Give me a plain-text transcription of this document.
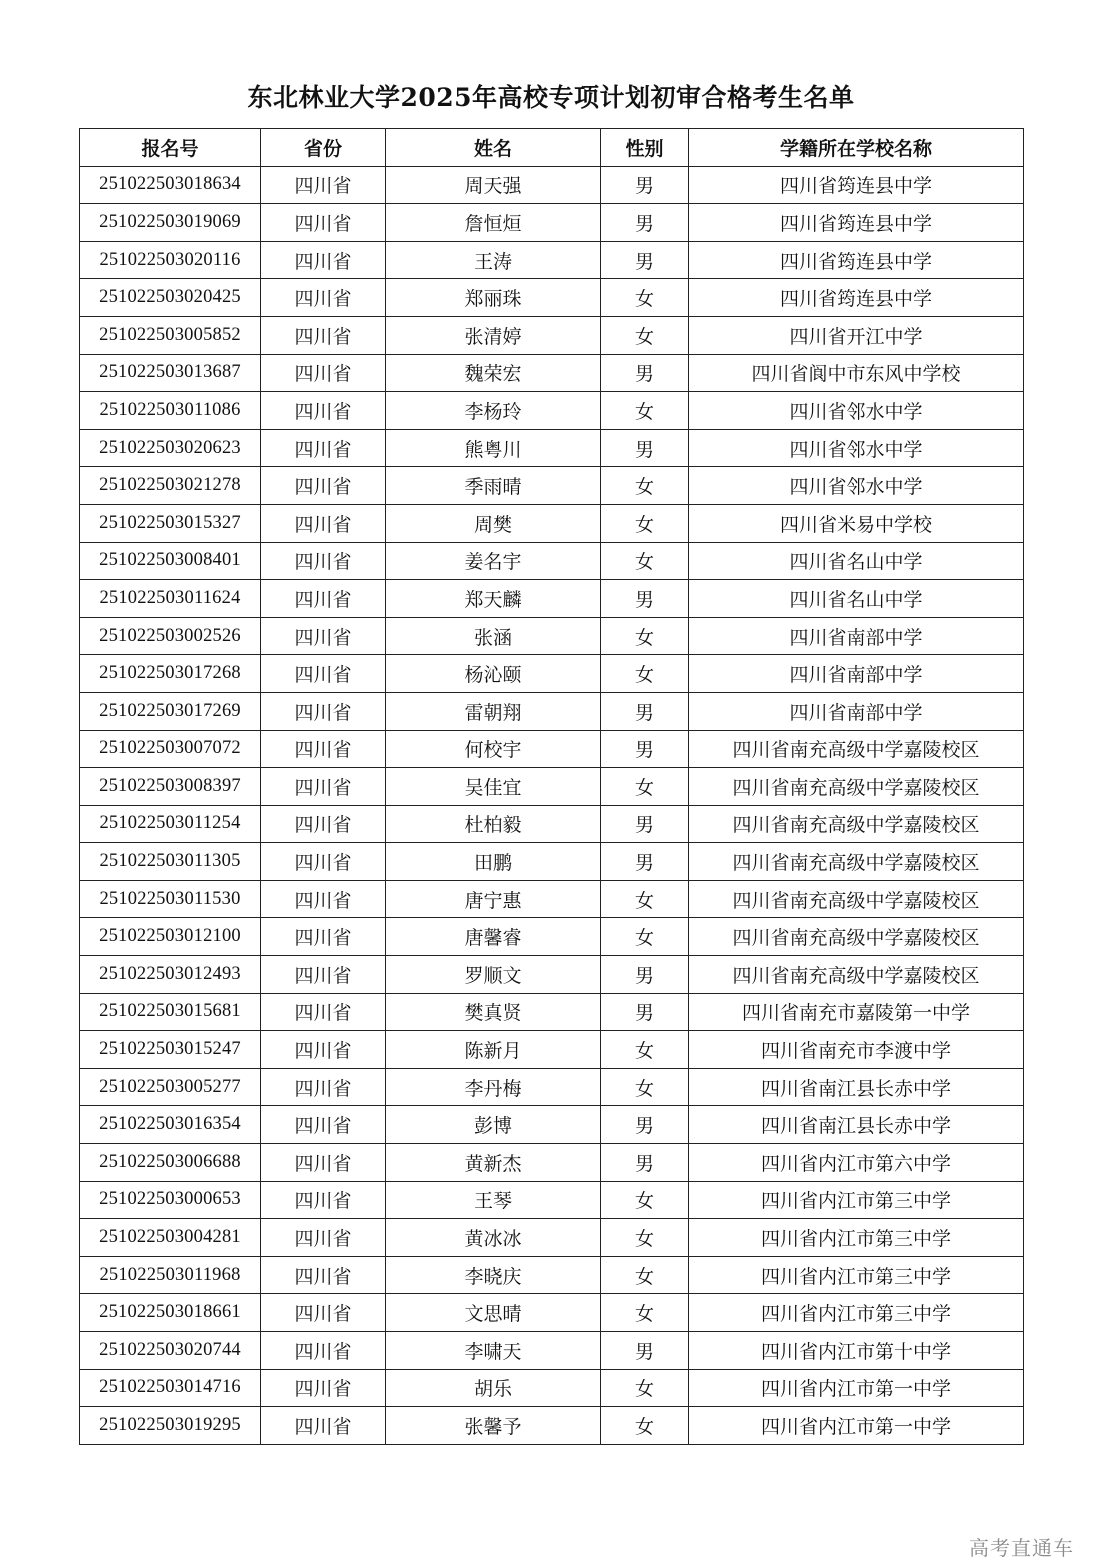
东北林业大学2025年高校专项计划初审合格考生名单
报名号	省份	姓名	性别	学籍所在学校名称
251022503018634	四川省	周天强	男	四川省筠连县中学
251022503019069	四川省	詹恒烜	男	四川省筠连县中学
251022503020116	四川省	王涛	男	四川省筠连县中学
251022503020425	四川省	郑丽珠	女	四川省筠连县中学
251022503005852	四川省	张清婷	女	四川省开江中学
251022503013687	四川省	魏荣宏	男	四川省阆中市东风中学校
251022503011086	四川省	李杨玲	女	四川省邻水中学
251022503020623	四川省	熊粤川	男	四川省邻水中学
251022503021278	四川省	季雨晴	女	四川省邻水中学
251022503015327	四川省	周樊	女	四川省米易中学校
251022503008401	四川省	姜名宇	女	四川省名山中学
251022503011624	四川省	郑天麟	男	四川省名山中学
251022503002526	四川省	张涵	女	四川省南部中学
251022503017268	四川省	杨沁颐	女	四川省南部中学
251022503017269	四川省	雷朝翔	男	四川省南部中学
251022503007072	四川省	何校宇	男	四川省南充高级中学嘉陵校区
251022503008397	四川省	吴佳宜	女	四川省南充高级中学嘉陵校区
251022503011254	四川省	杜柏毅	男	四川省南充高级中学嘉陵校区
251022503011305	四川省	田鹏	男	四川省南充高级中学嘉陵校区
251022503011530	四川省	唐宁惠	女	四川省南充高级中学嘉陵校区
251022503012100	四川省	唐馨睿	女	四川省南充高级中学嘉陵校区
251022503012493	四川省	罗顺文	男	四川省南充高级中学嘉陵校区
251022503015681	四川省	樊真贤	男	四川省南充市嘉陵第一中学
251022503015247	四川省	陈新月	女	四川省南充市李渡中学
251022503005277	四川省	李丹梅	女	四川省南江县长赤中学
251022503016354	四川省	彭博	男	四川省南江县长赤中学
251022503006688	四川省	黄新杰	男	四川省内江市第六中学
251022503000653	四川省	王琴	女	四川省内江市第三中学
251022503004281	四川省	黄冰冰	女	四川省内江市第三中学
251022503011968	四川省	李晓庆	女	四川省内江市第三中学
251022503018661	四川省	文思晴	女	四川省内江市第三中学
251022503020744	四川省	李啸天	男	四川省内江市第十中学
251022503014716	四川省	胡乐	女	四川省内江市第一中学
251022503019295	四川省	张馨予	女	四川省内江市第一中学
高考直通车
